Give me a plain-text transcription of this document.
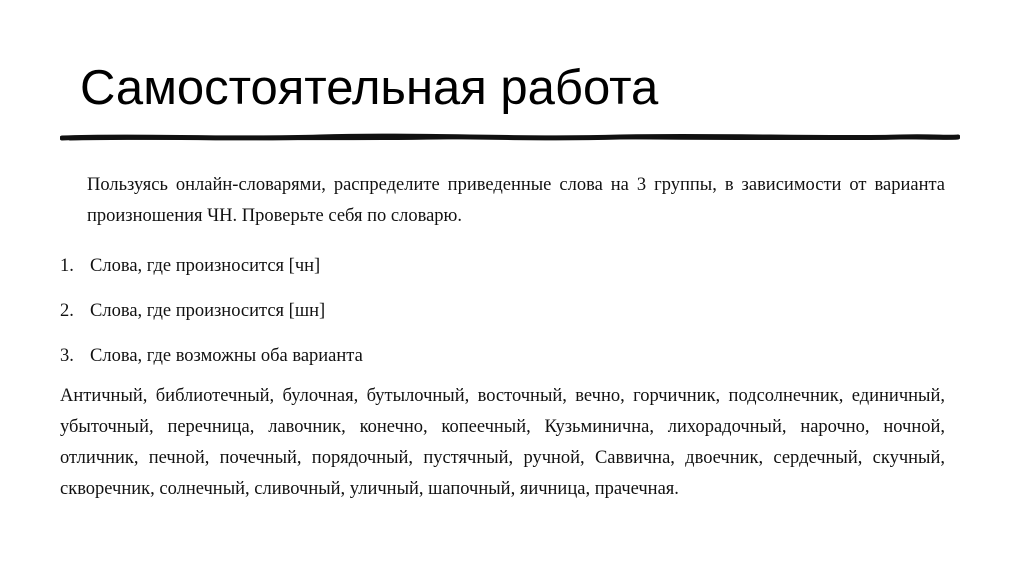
Самостоятельная работа

Пользуясь онлайн-словарями, распределите приведенные слова на 3 группы, в зависимости от варианта произношения ЧН. Проверьте себя по словарю.

1. Слова, где произносится [чн]
2. Слова, где произносится [шн]
3. Слова, где возможны оба варианта

Античный, библиотечный, булочная, бутылочный, восточный, вечно, горчичник, подсолнечник, единичный, убыточный, перечница, лавочник, конечно, копеечный, Кузьминична, лихорадочный, нарочно, ночной, отличник, печной, почечный, порядочный, пустячный, ручной, Саввична, двоечник, сердечный, скучный, скворечник, солнечный, сливочный, уличный, шапочный, яичница, прачечная.
